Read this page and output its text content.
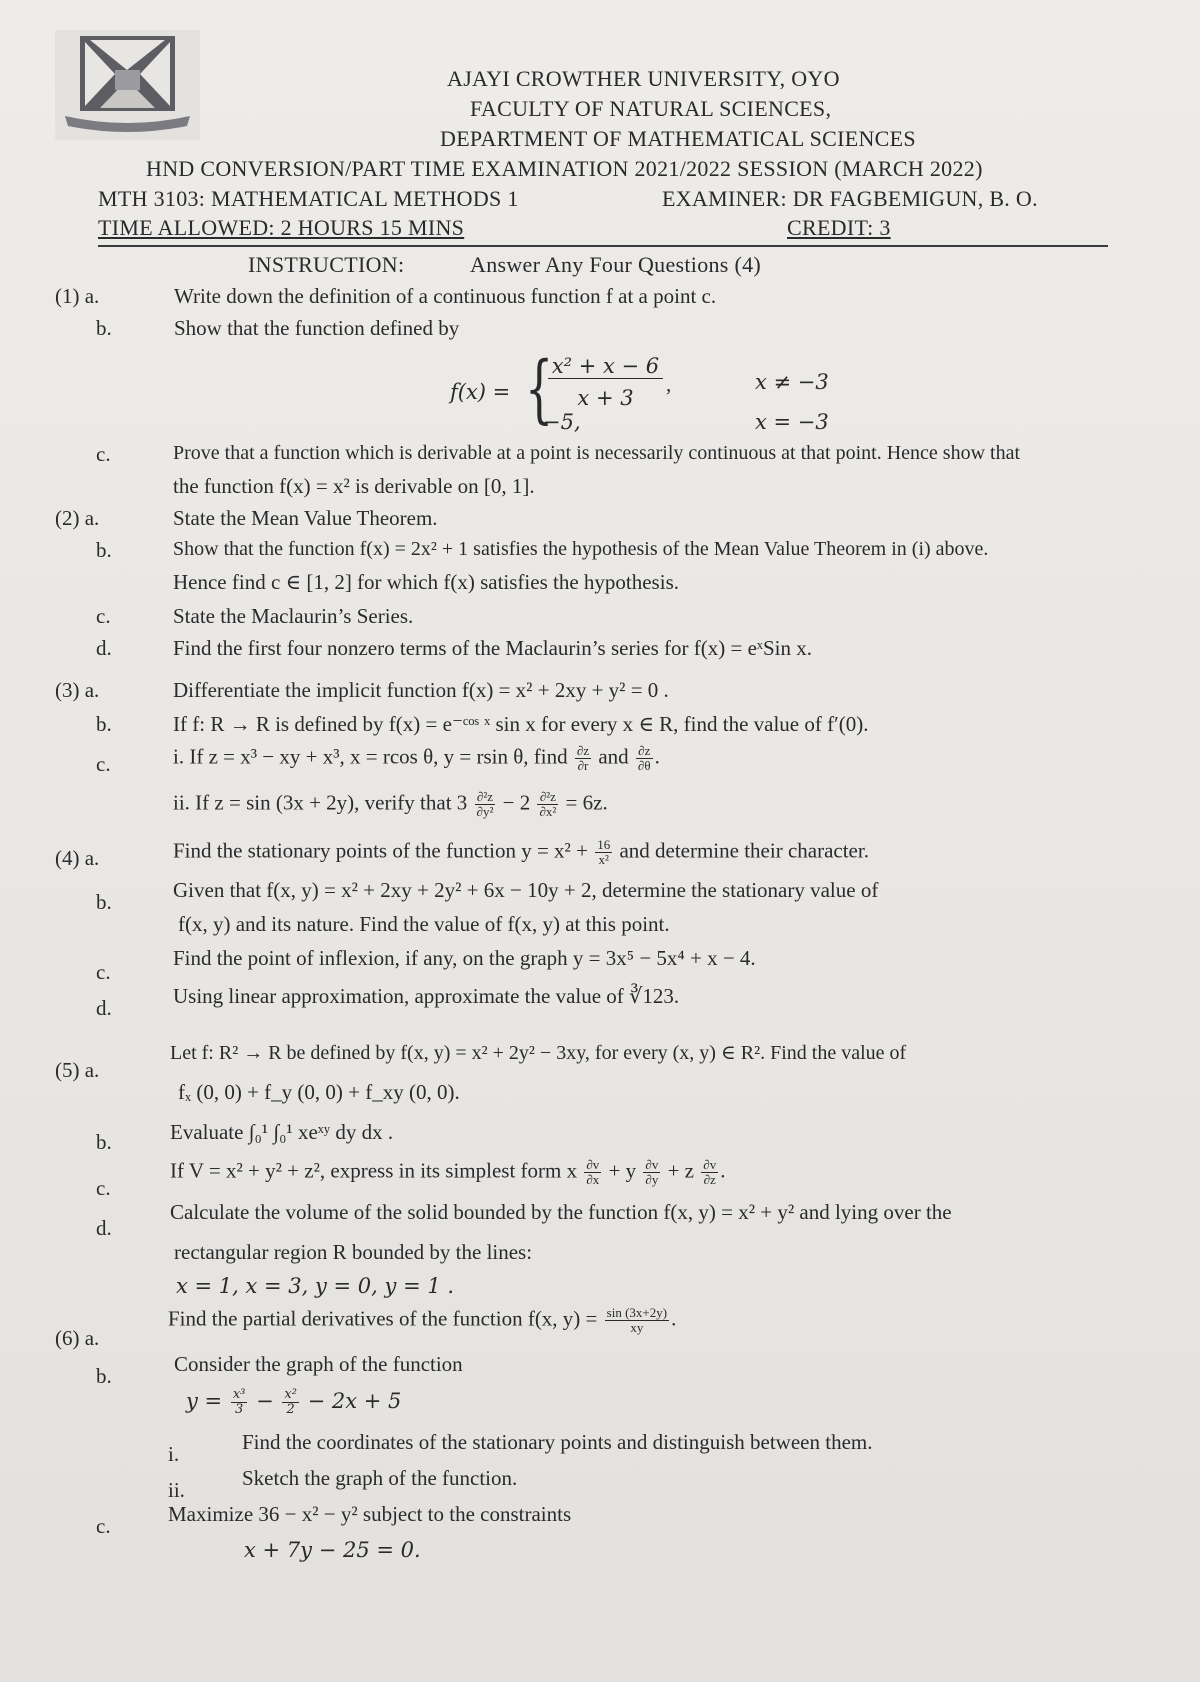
AJAYI CROWTHER UNIVERSITY, OYO
FACULTY OF NATURAL SCIENCES,
DEPARTMENT OF MATHEMATICAL SCIENCES
HND CONVERSION/PART TIME EXAMINATION 2021/2022 SESSION (MARCH 2022)
MTH 3103: MATHEMATICAL METHODS 1	EXAMINER: DR FAGBEMIGUN, B. O.
TIME ALLOWED: 2 HOURS 15 MINS	CREDIT: 3
INSTRUCTION:	Answer Any Four Questions (4)
(1) a.	Write down the definition of a continuous function f at a point c.
b.	Show that the function defined by
f(x) = {
x² + x − 6
x + 3
,	x ≠ −3
−5,	x = −3
c.	Prove that a function which is derivable at a point is necessarily continuous at that point. Hence show that
the function f(x) = x² is derivable on [0, 1].
(2) a.	State the Mean Value Theorem.
b.	Show that the function f(x) = 2x² + 1 satisfies the hypothesis of the Mean Value Theorem in (i) above.
Hence find c ∈ [1, 2] for which f(x) satisfies the hypothesis.
c.	State the Maclaurin’s Series.
d.	Find the first four nonzero terms of the Maclaurin’s series for f(x) = eˣSin x.
(3) a.	Differentiate the implicit function f(x) = x² + 2xy + y² = 0 .
b.	If f: R → R is defined by f(x) = e⁻ᶜᵒˢ ˣ sin x for every x ∈ R, find the value of f′(0).
c.	i. If z = x³ − xy + x³, x = rcos θ, y = rsin θ, find $\frac{\partial z}{\partial r}$ and $\frac{\partial z}{\partial\theta}$ .
ii. If z = sin (3x + 2y), verify that $3 \frac{\text{∂²z}}{\text{∂y²}} - 2 \frac{\text{∂²z}}{\text{∂x²}} = 6z$.
(4) a.	Find the stationary points of the function $y = x^2 + \frac{16}{\text{x²}}$ and determine their character.
b.	Given that f(x, y) = x² + 2xy + 2y² + 6x − 10y + 2, determine the stationary value of
f(x, y) and its nature. Find the value of f(x, y) at this point.
c.
Find the point of inflexion, if any, on the graph y = 3x⁵ − 5x⁴ + x − 4.
d.	Using linear approximation, approximate the value of ∛123.
(5) a.
Let f: R² → R be defined by f(x, y) = x² + 2y² − 3xy, for every (x, y) ∈ R². Find the value of
fₓ (0, 0) + f_y (0, 0) + f_xy (0, 0).
b.	Evaluate ∫₀¹ ∫₀¹ xeˣʸ dy dx .
c.
If V = x² + y² + z², express in its simplest form x $\frac{\partial v}{\partial x} + y \frac{\partial v}{\partial y} + z \frac{\partial v}{\partial z}$ .
d.
Calculate the volume of the solid bounded by the function f(x, y) = x² + y² and lying over the
rectangular region R bounded by the lines:
x = 1, x = 3, y = 0, y = 1 .
(6) a.
Find the partial derivatives of the function f(x, $y) = \frac{\sin (3x+2y)}{xy}$ .
b.	Consider the graph of the function
$y = \frac{\text{x³}}{3} - \frac{\text{x²}}{2} - 2x + 5$
i.	Find the coordinates of the stationary points and distinguish between them.
ii.	Sketch the graph of the function.
c.	Maximize 36 − x² − y² subject to the constraints
x + 7y − 25 = 0.
